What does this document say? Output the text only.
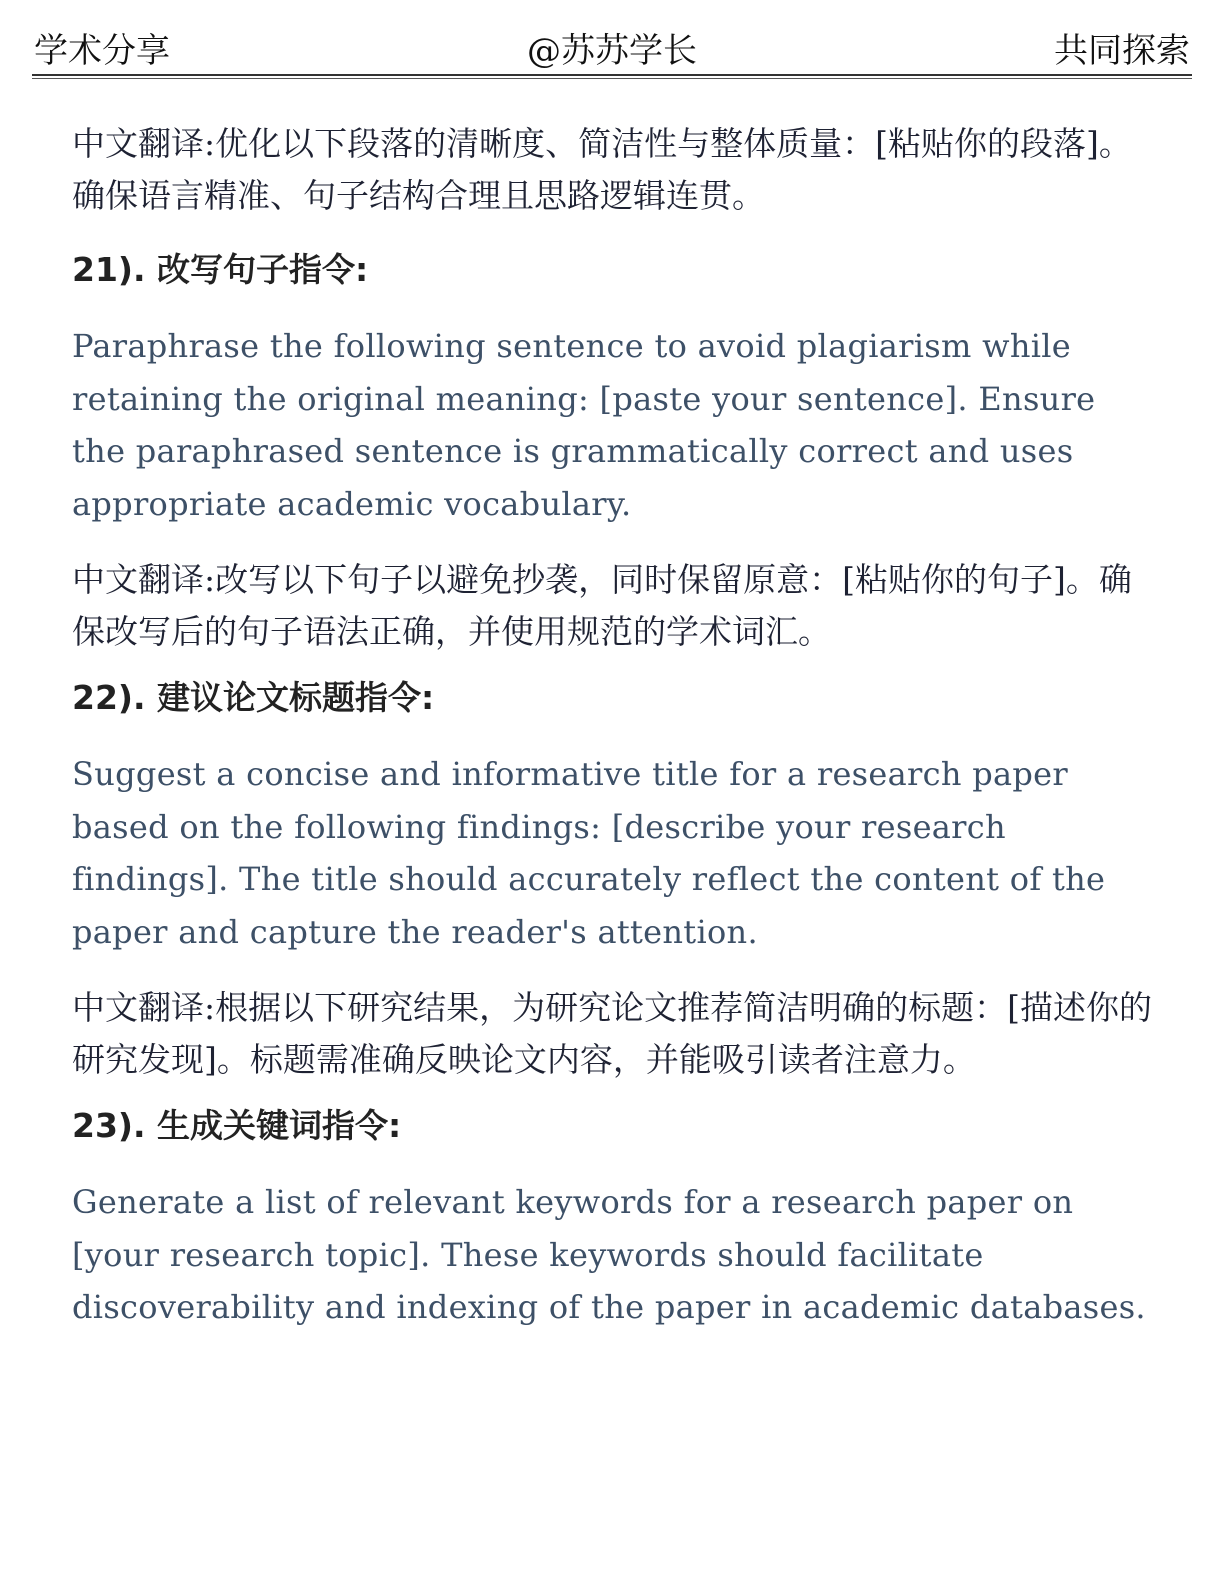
学术分享	@苏苏学长	共同探索

中文翻译:优化以下段落的清晰度、简洁性与整体质量：[粘贴你的段落]。确保语言精准、句子结构合理且思路逻辑连贯。

21). 改写句子指令:

Paraphrase the following sentence to avoid plagiarism while retaining the original meaning: [paste your sentence]. Ensure the paraphrased sentence is grammatically correct and uses appropriate academic vocabulary.

中文翻译:改写以下句子以避免抄袭，同时保留原意：[粘贴你的句子]。确保改写后的句子语法正确，并使用规范的学术词汇。

22). 建议论文标题指令:

Suggest a concise and informative title for a research paper based on the following findings: [describe your research findings]. The title should accurately reflect the content of the paper and capture the reader's attention.

中文翻译:根据以下研究结果，为研究论文推荐简洁明确的标题：[描述你的研究发现]。标题需准确反映论文内容，并能吸引读者注意力。

23). 生成关键词指令:

Generate a list of relevant keywords for a research paper on [your research topic]. These keywords should facilitate discoverability and indexing of the paper in academic databases.
